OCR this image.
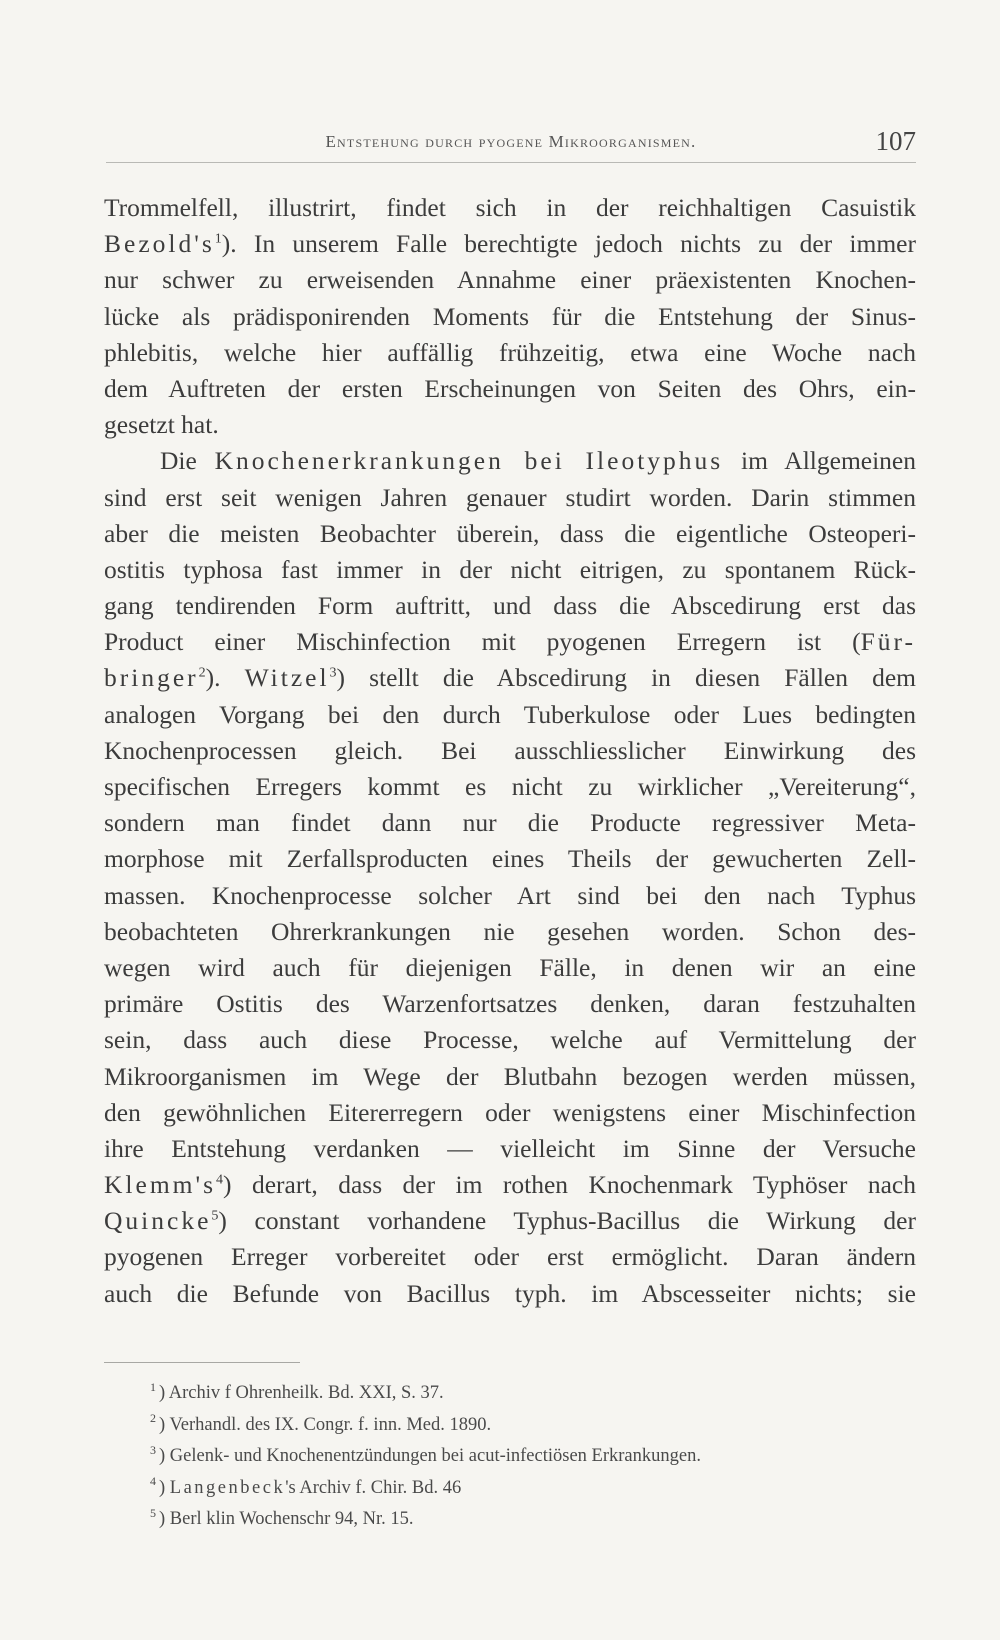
Entstehung durch pyogene Mikroorganismen.	107
Trommelfell, illustrirt, findet sich in der reichhaltigen Casuistik
$Bezold's^1$). In unserem Falle berechtigte jedoch nichts zu der immer
nur schwer zu erweisenden Annahme einer präexistenten Knochen-
lücke als prädisponirenden Moments für die Entstehung der Sinus-
phlebitis, welche hier auffällig frühzeitig, etwa eine Woche nach
dem Auftreten der ersten Erscheinungen von Seiten des Ohrs, ein-
gesetzt hat.
Die Knochenerkrankungen bei Ileotyphus im Allgemeinen
sind erst seit wenigen Jahren genauer studirt worden. Darin stimmen
aber die meisten Beobachter überein, dass die eigentliche Osteoperi-
ostitis typhosa fast immer in der nicht eitrigen, zu spontanem Rück-
gang tendirenden Form auftritt, und dass die Abscedirung erst das
Product einer Mischinfection mit pyogenen Erregern ist (Für-
bringer$^2$). Witzel$^3$) stellt die Abscedirung in diesen Fällen dem
analogen Vorgang bei den durch Tuberkulose oder Lues bedingten
Knochenprocessen gleich. Bei ausschliesslicher Einwirkung des
specifischen Erregers kommt es nicht zu wirklicher „Vereiterung“,
sondern man findet dann nur die Producte regressiver Meta-
morphose mit Zerfallsproducten eines Theils der gewucherten Zell-
massen. Knochenprocesse solcher Art sind bei den nach Typhus
beobachteten Ohrerkrankungen nie gesehen worden. Schon des-
wegen wird auch für diejenigen Fälle, in denen wir an eine
primäre Ostitis des Warzenfortsatzes denken, daran festzuhalten
sein, dass auch diese Processe, welche auf Vermittelung der
Mikroorganismen im Wege der Blutbahn bezogen werden müssen,
den gewöhnlichen Eitererregern oder wenigstens einer Mischinfection
ihre Entstehung verdanken — vielleicht im Sinne der Versuche
$Klemm's^4$) derart, dass der im rothen Knochenmark Typhöser nach
Quincke$^5$) constant vorhandene Typhus-Bacillus die Wirkung der
pyogenen Erreger vorbereitet oder erst ermöglicht. Daran ändern
auch die Befunde von Bacillus typh. im Abscesseiter nichts; sie
$^1$ ) Archiv f Ohrenheilk. Bd. XXI, S. 37.
$^2$ ) Verhandl. des IX. Congr. f. inn. Med. 1890.
$^3$ ) Gelenk- und Knochenentzündungen bei acut-infectiösen Erkrankungen.
$^4$ ) Langenbeck's Archiv f. Chir. Bd. 46
$^5$ ) Berl klin Wochenschr 94, Nr. 15.
